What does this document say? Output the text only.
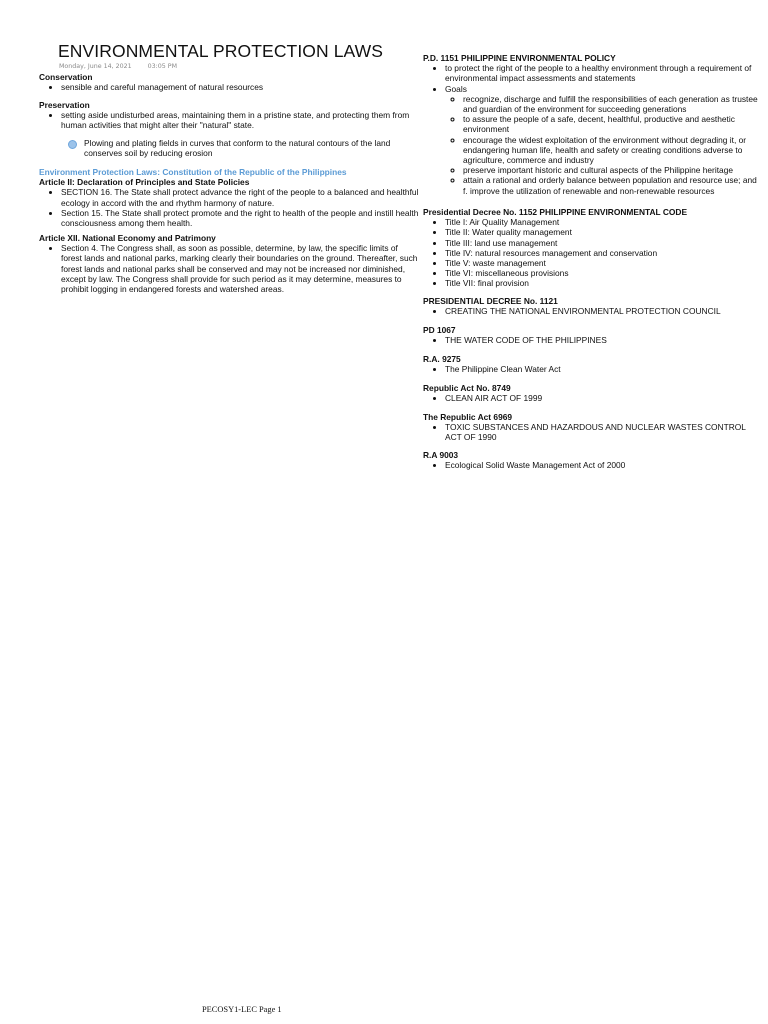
ENVIRONMENTAL PROTECTION LAWS
Monday, June 14, 2021	03:05 PM

Conservation

• sensible and careful management of natural resources

Preservation

• setting aside undisturbed areas, maintaining them in a pristine state, and protecting them from human activities that might alter their "natural" state.
Plowing and plating fields in curves that conform to the natural contours of the land conserves soil by reducing erosion

Environment Protection Laws: Constitution of the Republic of the Philippines

Article II: Declaration of Principles and State Policies

• SECTION 16. The State shall protect advance the right of the people to a balanced and healthful ecology in accord with the and rhythm harmony of nature.
• Section 15. The State shall protect promote and the right to health of the people and instill health consciousness among them health.

Article XII. National Economy and Patrimony

• Section 4. The Congress shall, as soon as possible, determine, by law, the specific limits of forest lands and national parks, marking clearly their boundaries on the ground. Thereafter, such forest lands and national parks shall be conserved and may not be increased nor diminished, except by law. The Congress shall provide for such period as it may determine, measures to prohibit logging in endangered forests and watershed areas.

P.D. 1151 PHILIPPINE ENVIRONMENTAL POLICY

• to protect the right of the people to a healthy environment through a requirement of environmental impact assessments and statements
• Goals
◦ recognize, discharge and fulfill the responsibilities of each generation as trustee and guardian of the environment for succeeding generations
◦ to assure the people of a safe, decent, healthful, productive and aesthetic environment
◦ encourage the widest exploitation of the environment without degrading it, or endangering human life, health and safety or creating conditions adverse to agriculture, commerce and industry
◦ preserve important historic and cultural aspects of the Philippine heritage
◦ attain a rational and orderly balance between population and resource use; and f. improve the utilization of renewable and non-renewable resources

Presidential Decree No. 1152 PHILIPPINE ENVIRONMENTAL CODE

• Title I: Air Quality Management
• Title II: Water quality management
• Title III: land use management
• Title IV: natural resources management and conservation
• Title V: waste management
• Title VI: miscellaneous provisions
• Title VII: final provision

PRESIDENTIAL DECREE No. 1121

• CREATING THE NATIONAL ENVIRONMENTAL PROTECTION COUNCIL

PD 1067

• THE WATER CODE OF THE PHILIPPINES

R.A. 9275

• The Philippine Clean Water Act

Republic Act No. 8749

• CLEAN AIR ACT OF 1999

The Republic Act 6969

• TOXIC SUBSTANCES AND HAZARDOUS AND NUCLEAR WASTES CONTROL ACT OF 1990

R.A 9003

• Ecological Solid Waste Management Act of 2000
PECOSY1-LEC Page 1
